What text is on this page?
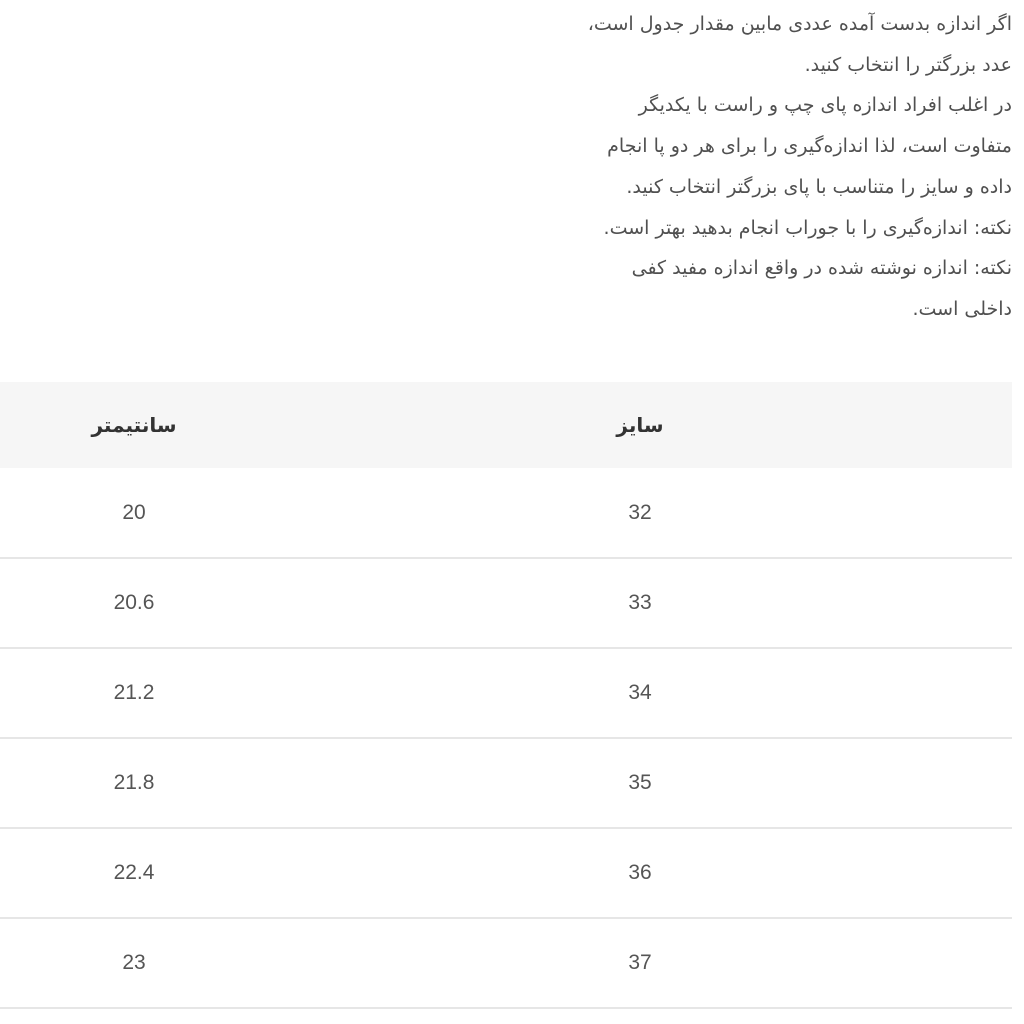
اگر اندازه بدست آمده عددی مابین مقدار جدول است،

عدد بزرگتر را انتخاب کنید.

در اغلب افراد اندازه پای چپ و راست با یکدیگر

متفاوت است، لذا اندازه‌گیری را برای هر دو پا انجام

داده و سایز را متناسب با پای بزرگتر انتخاب کنید.

نکته: اندازه‌گیری را با جوراب انجام بدهید بهتر است.

نکته: اندازه نوشته شده در واقع اندازه مفید کفی

داخلی است.

سانتیمتر	سایز
20	32
20.6	33
21.2	34
21.8	35
22.4	36
23	37
